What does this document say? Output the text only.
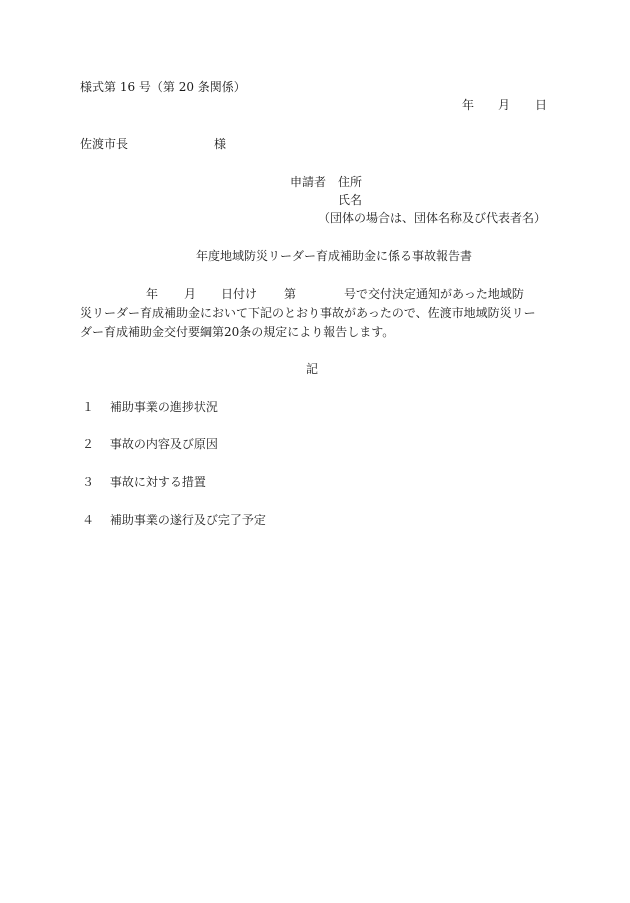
様式第 16 号（第 20 条関係）
年 月 日
佐渡市長	様
申請者 住所
氏名
（団体の場合は、団体名称及び代表者名）
年度地域防災リーダー育成補助金に係る事故報告書
年 月 日付け 第	号で交付決定通知があった地域防
災リーダー育成補助金において下記のとおり事故があったので、佐渡市地域防災リー
ダー育成補助金交付要綱第20条の規定により報告します。
記
１ 補助事業の進捗状況
２ 事故の内容及び原因
３ 事故に対する措置
４ 補助事業の遂行及び完了予定
